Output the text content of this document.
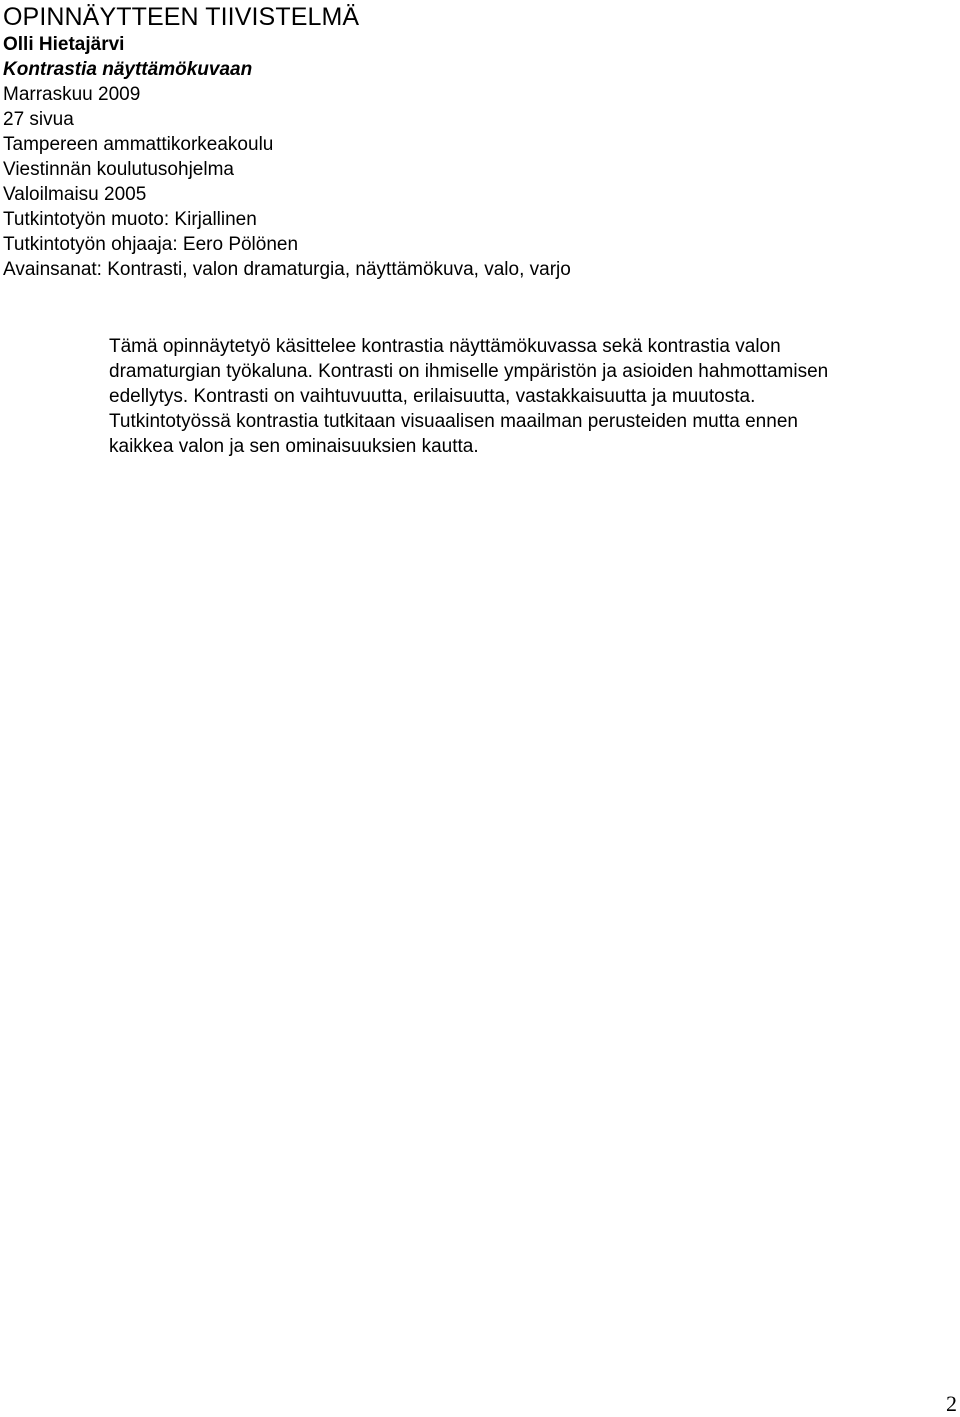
OPINNÄYTTEEN TIIVISTELMÄ
Olli Hietajärvi
Kontrastia näyttämökuvaan
Marraskuu 2009
27 sivua
Tampereen ammattikorkeakoulu
Viestinnän koulutusohjelma
Valoilmaisu 2005
Tutkintotyön muoto: Kirjallinen
Tutkintotyön ohjaaja: Eero Pölönen
Avainsanat: Kontrasti, valon dramaturgia, näyttämökuva, valo, varjo
Tämä opinnäytetyö käsittelee kontrastia näyttämökuvassa sekä kontrastia valon
dramaturgian työkaluna. Kontrasti on ihmiselle ympäristön ja asioiden hahmottamisen
edellytys. Kontrasti on vaihtuvuutta, erilaisuutta, vastakkaisuutta ja muutosta.
Tutkintotyössä kontrastia tutkitaan visuaalisen maailman perusteiden mutta ennen
kaikkea valon ja sen ominaisuuksien kautta.
2
